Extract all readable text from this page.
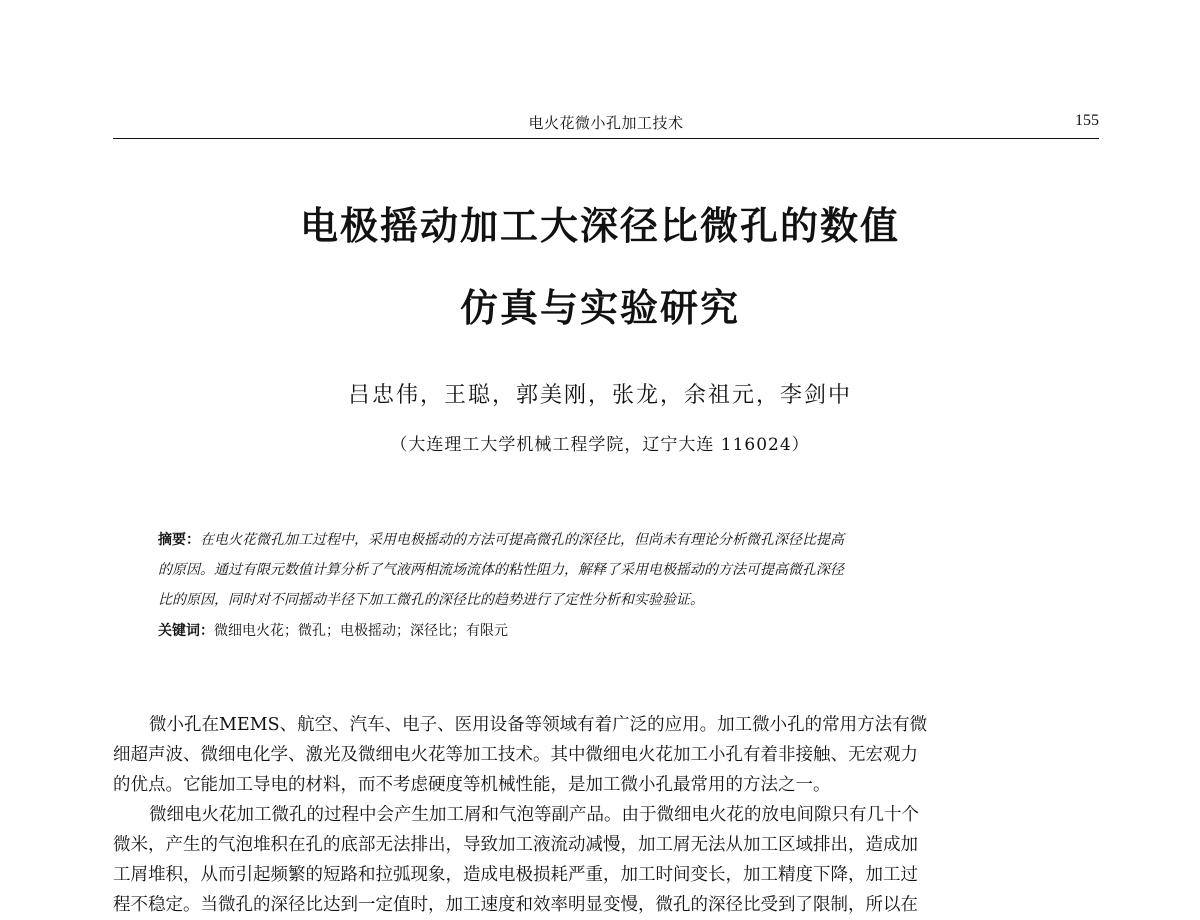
电火花微小孔加工技术	155
电极摇动加工大深径比微孔的数值
仿真与实验研究
吕忠伟，王聪，郭美刚，张龙，余祖元，李剑中
（大连理工大学机械工程学院，辽宁大连 116024）
摘要：在电火花微孔加工过程中，采用电极摇动的方法可提高微孔的深径比，但尚未有理论分析微孔深径比提高
的原因。通过有限元数值计算分析了气液两相流场流体的粘性阻力，解释了采用电极摇动的方法可提高微孔深径
比的原因，同时对不同摇动半径下加工微孔的深径比的趋势进行了定性分析和实验验证。
关键词：微细电火花；微孔；电极摇动；深径比；有限元
微小孔在MEMS、航空、汽车、电子、医用设备等领域有着广泛的应用。加工微小孔的常用方法有微
细超声波、微细电化学、激光及微细电火花等加工技术。其中微细电火花加工小孔有着非接触、无宏观力
的优点。它能加工导电的材料，而不考虑硬度等机械性能，是加工微小孔最常用的方法之一。
微细电火花加工微孔的过程中会产生加工屑和气泡等副产品。由于微细电火花的放电间隙只有几十个
微米，产生的气泡堆积在孔的底部无法排出，导致加工液流动减慢，加工屑无法从加工区域排出，造成加
工屑堆积，从而引起频繁的短路和拉弧现象，造成电极损耗严重，加工时间变长，加工精度下降，加工过
程不稳定。当微孔的深径比达到一定值时，加工速度和效率明显变慢，微孔的深径比受到了限制，所以在
